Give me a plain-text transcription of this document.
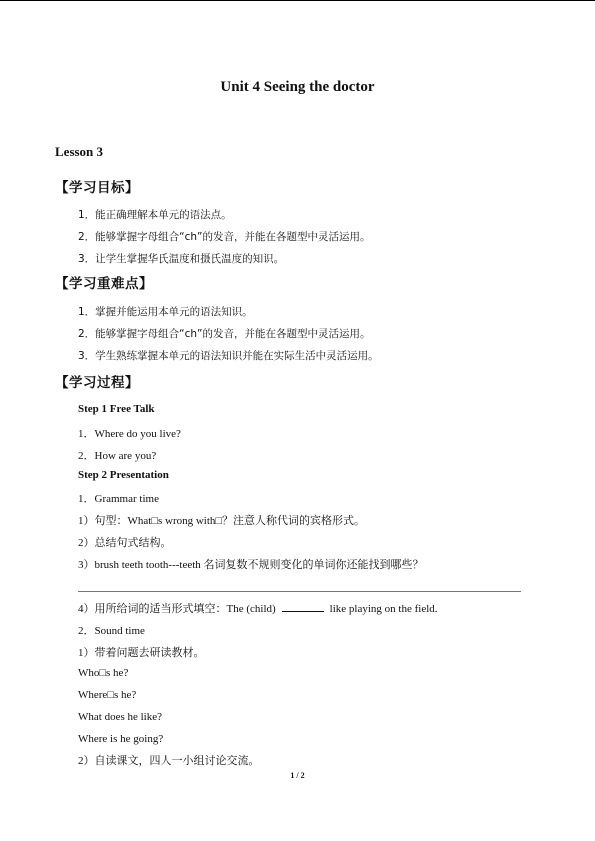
Unit 4 Seeing the doctor
Lesson 3
【学习目标】
1．能正确理解本单元的语法点。
2．能够掌握字母组合“ch”的发音，并能在各题型中灵活运用。
3．让学生掌握华氏温度和摄氏温度的知识。
【学习重难点】
1．掌握并能运用本单元的语法知识。
2．能够掌握字母组合“ch”的发音，并能在各题型中灵活运用。
3．学生熟练掌握本单元的语法知识并能在实际生活中灵活运用。
【学习过程】
Step 1 Free Talk
1．Where do you live?
2．How are you?
Step 2 Presentation
1．Grammar time
1）句型：What□s wrong with□？注意人称代词的宾格形式。
2）总结句式结构。
3）brush teeth tooth---teeth 名词复数不规则变化的单词你还能找到哪些？
4）用所给词的适当形式填空：The (child)	like playing on the field.
2．Sound time
1）带着问题去研读教材。
Who□s he?
Where□s he?
What does he like?
Where is he going?
2）自读课文，四人一小组讨论交流。
1 / 2
